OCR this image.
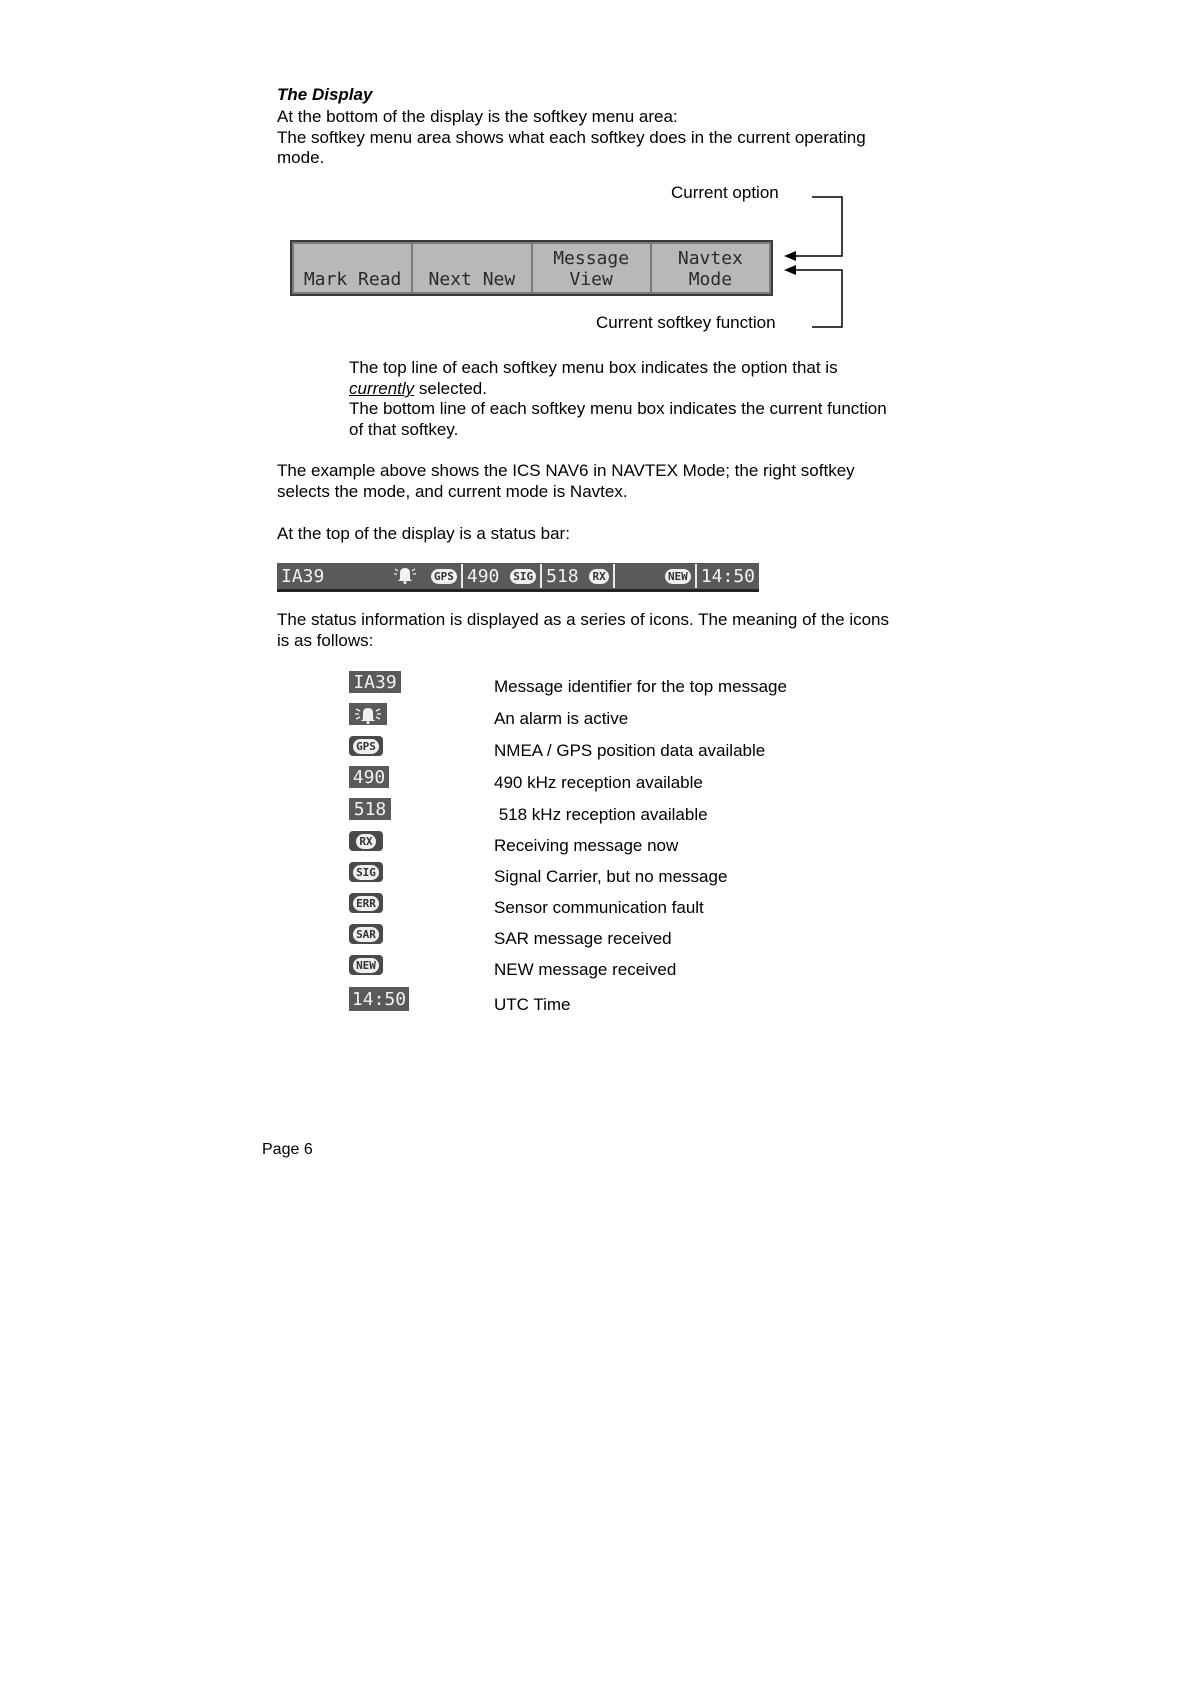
The Display
At the bottom of the display is the softkey menu area:
The softkey menu area shows what each softkey does in the current operating
mode.
Current option
Current softkey function
Mark Read Next New
Message
View
Navtex
Mode
The top line of each softkey menu box indicates the option that is
currently selected.
The bottom line of each softkey menu box indicates the current function
of that softkey.
The example above shows the ICS NAV6 in NAVTEX Mode; the right softkey
selects the mode, and current mode is Navtex.
At the top of the display is a status bar:
IA39	GPS 490 SIG 518 RX	NEW 14:50
The status information is displayed as a series of icons. The meaning of the icons
is as follows:
IA39	Message identifier for the top message
An alarm is active
GPS	NMEA / GPS position data available
490	490 kHz reception available
518	518 kHz reception available
RX	Receiving message now
SIG	Signal Carrier, but no message
ERR	Sensor communication fault
SAR	SAR message received
NEW	NEW message received
14:50	UTC Time
Page 6
